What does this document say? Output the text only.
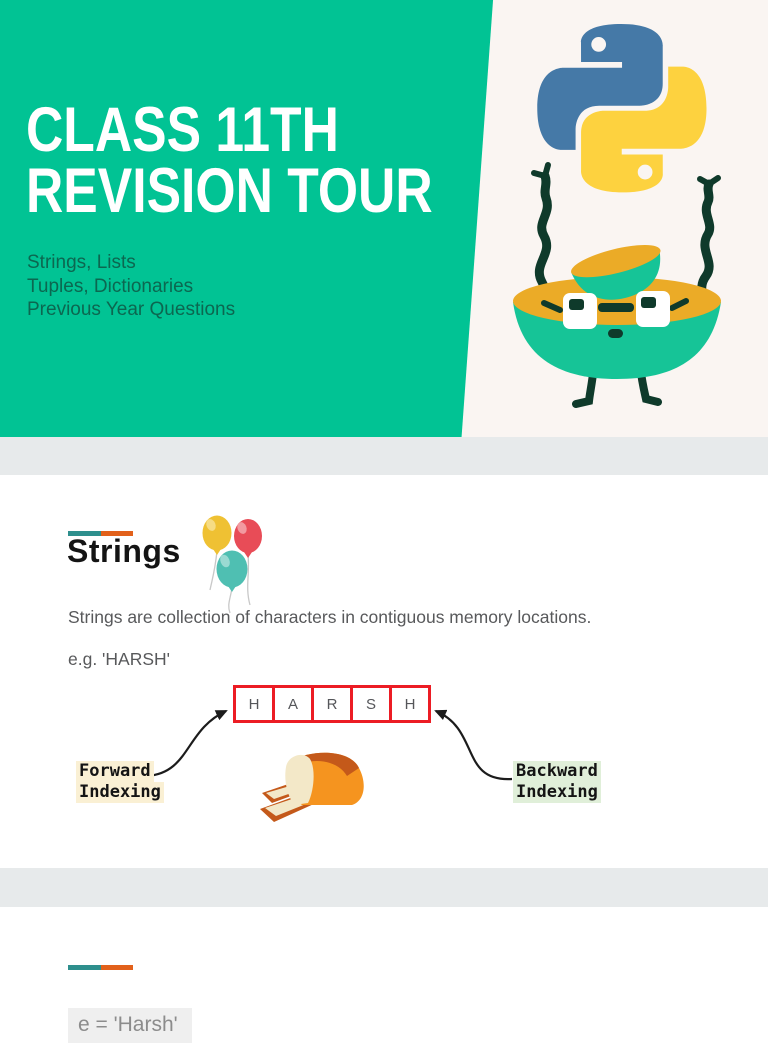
CLASS 11TH
REVISION TOUR
Strings, Lists
Tuples, Dictionaries
Previous Year Questions
Strings

Strings are collection of characters in contiguous memory locations.

e.g. 'HARSH'

H	A	R	S	H
Forward
Indexing
Backward
Indexing
e = 'Harsh'
